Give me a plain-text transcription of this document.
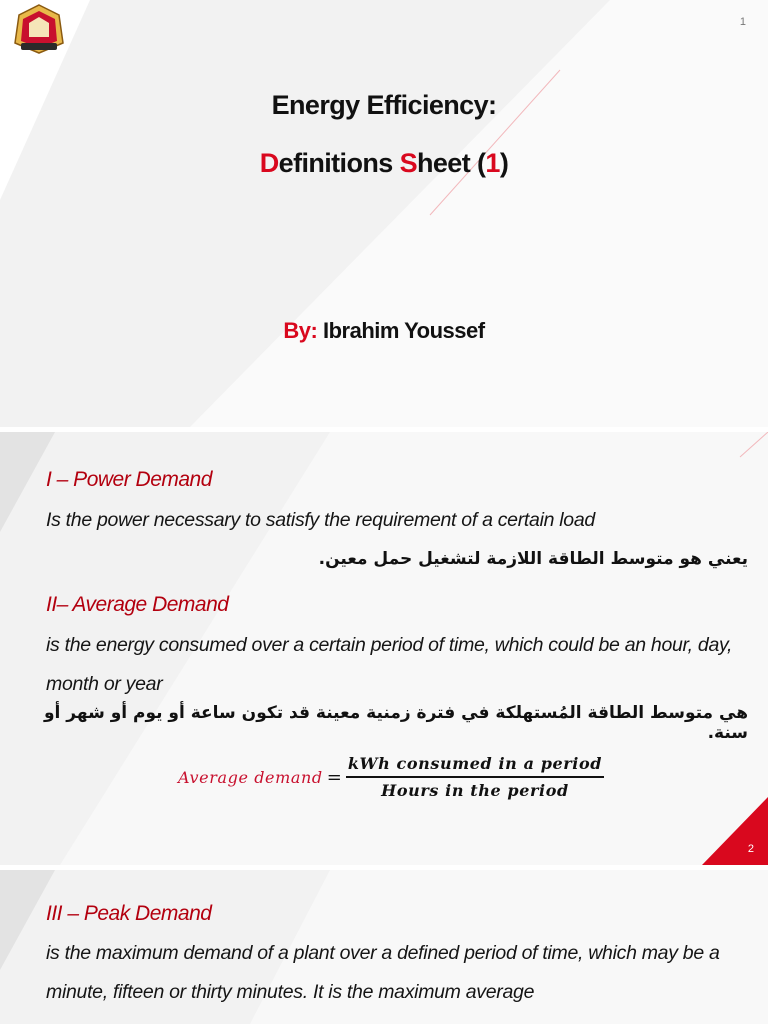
1
Energy Efficiency:
Definitions Sheet (1)
By: Ibrahim Youssef
I – Power Demand
Is the power necessary to satisfy the requirement of a certain load
يعني هو متوسط الطاقة اللازمة لتشغيل حمل معين.
II– Average Demand
is the energy consumed over a certain period of time, which could be an hour, day, month or year
هي متوسط الطاقة المُستهلكة في فترة زمنية معينة قد تكون ساعة أو يوم أو شهر أو سنة.
Average demand = $\frac{\text{kWh consumed in a period}}{\text{Hours in the period}}$
2
III – Peak Demand
is the maximum demand of a plant over a defined period of time, which may be a minute, fifteen or thirty minutes. It is the maximum average
